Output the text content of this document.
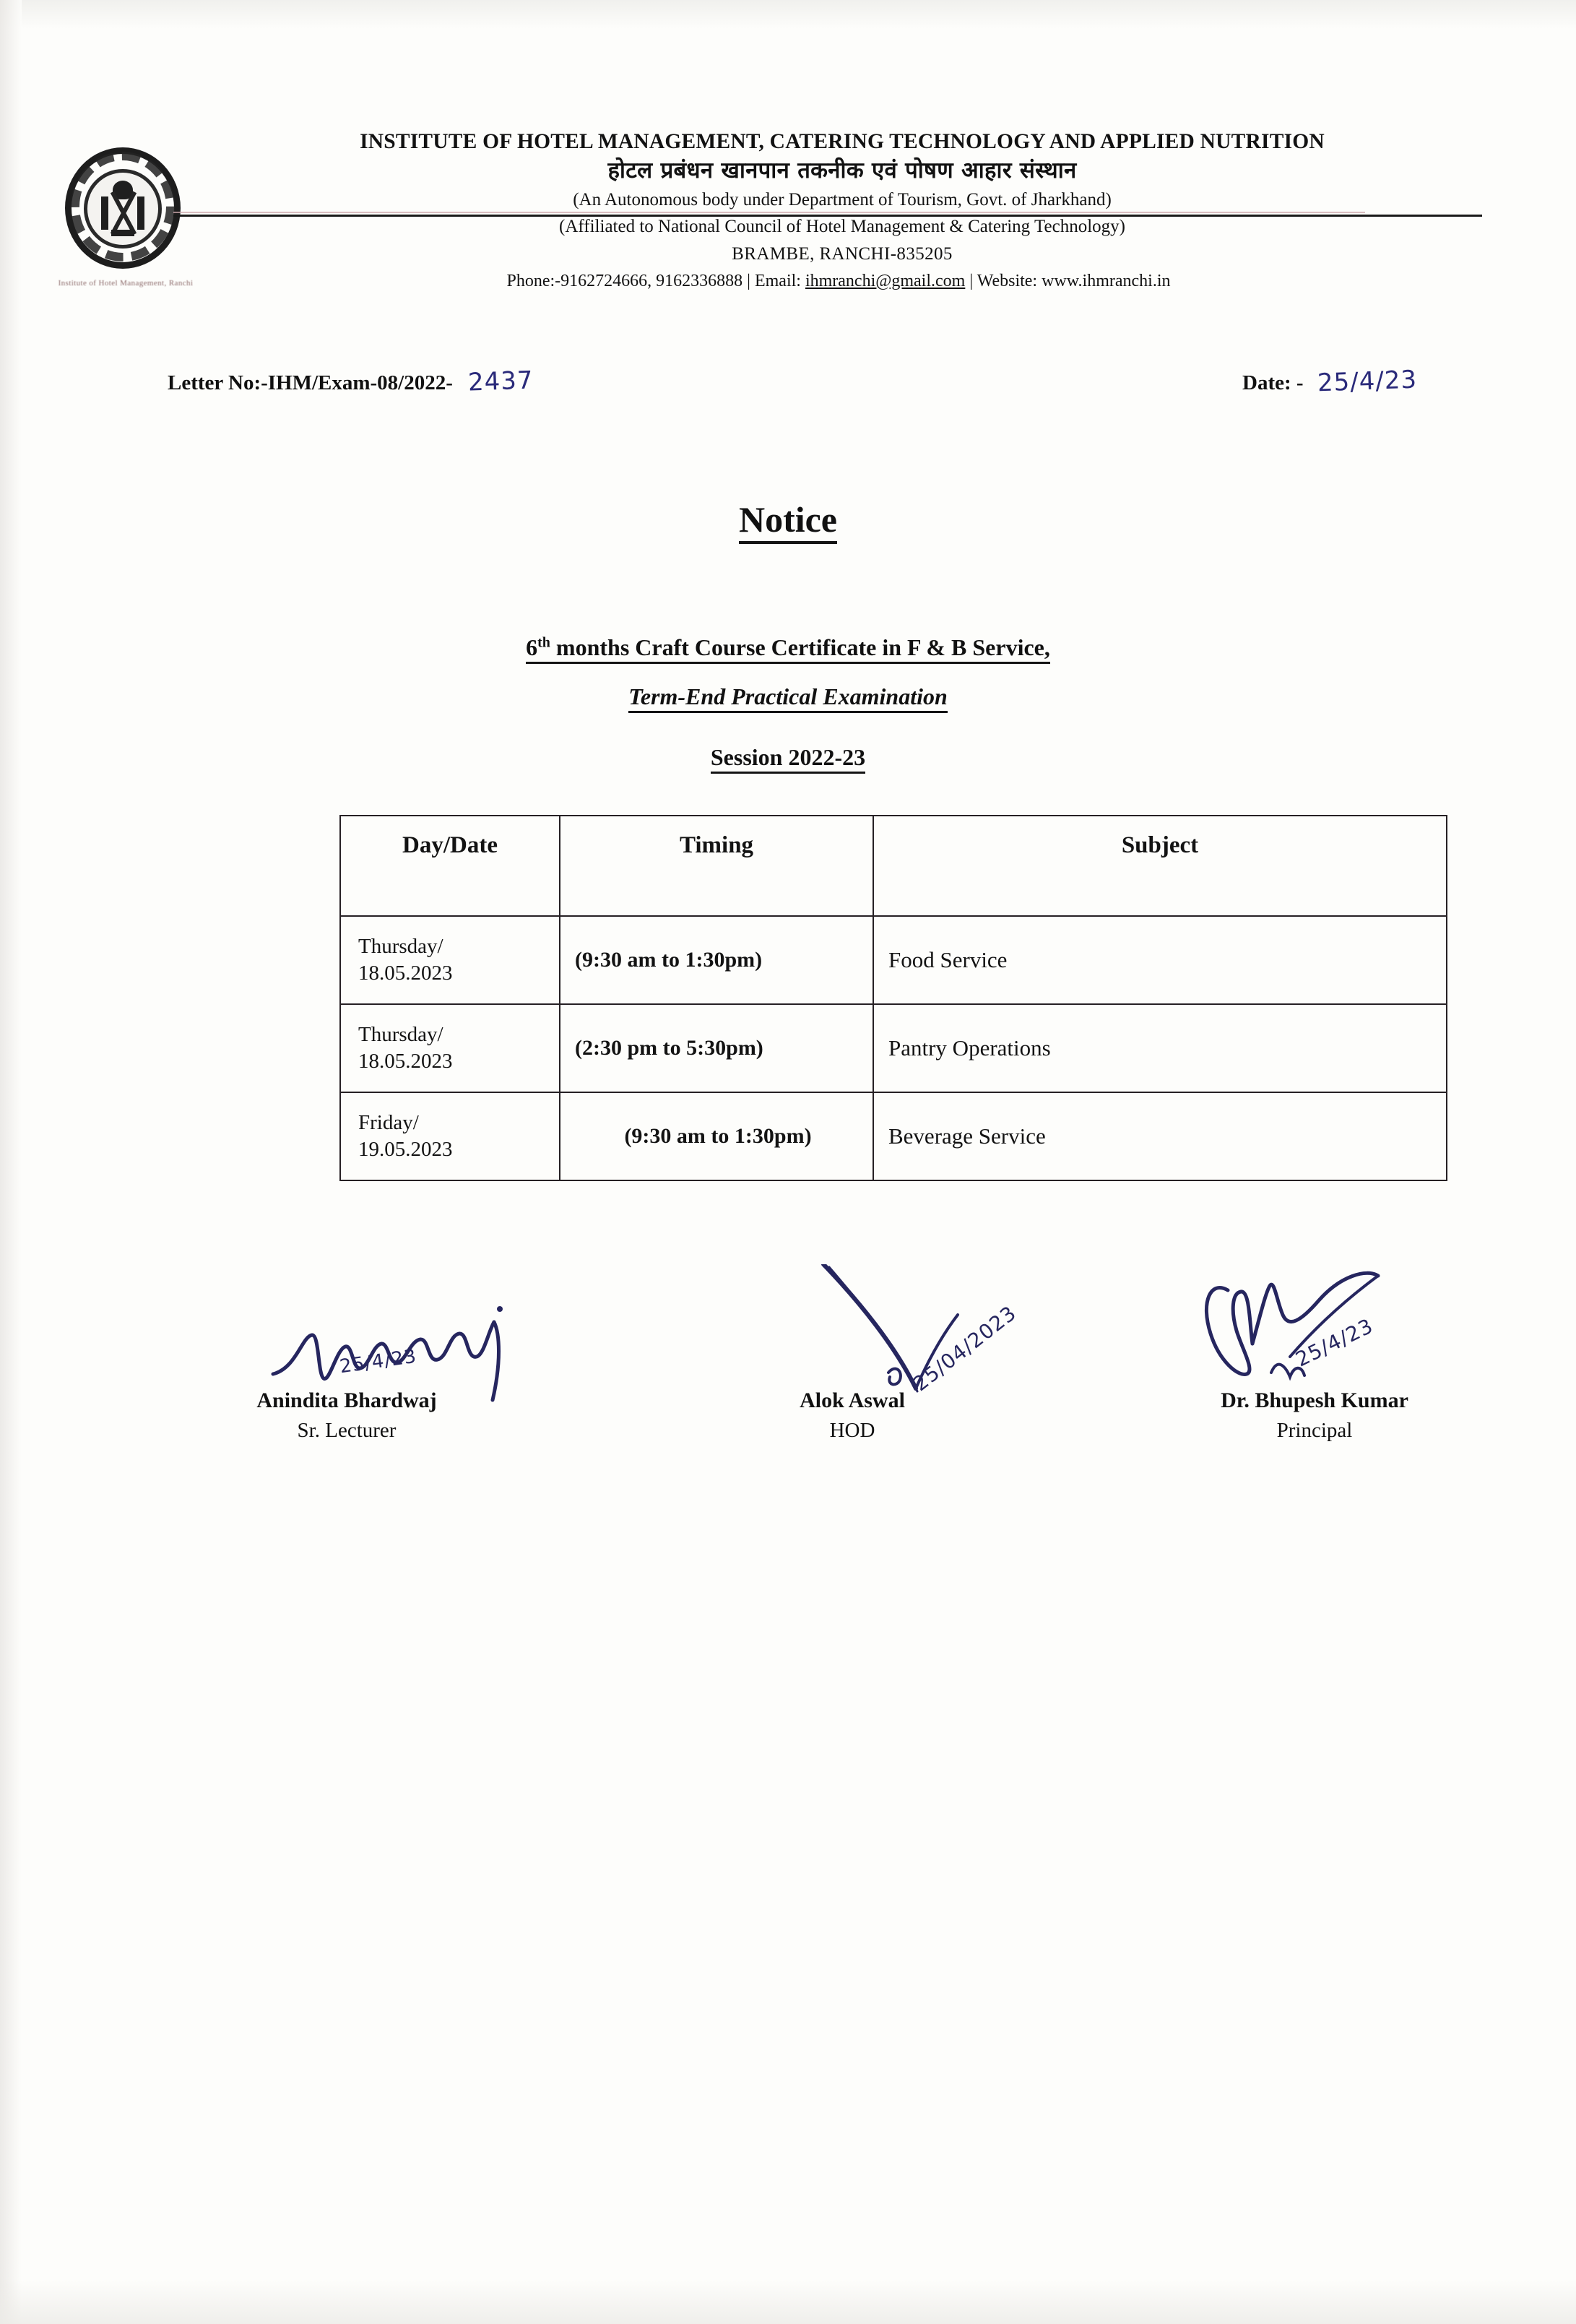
Institute of Hotel Management, Ranchi
INSTITUTE OF HOTEL MANAGEMENT, CATERING TECHNOLOGY AND APPLIED NUTRITION
होटल प्रबंधन खानपान तकनीक एवं पोषण आहार संस्थान
(An Autonomous body under Department of Tourism, Govt. of Jharkhand)
(Affiliated to National Council of Hotel Management & Catering Technology)
BRAMBE, RANCHI-835205
Phone:-9162724666, 9162336888 | Email: ihmranchi@gmail.com | Website: www.ihmranchi.in
Letter No:-IHM/Exam-08/2022- 2437	Date: - 25/4/23
Notice
6th months Craft Course Certificate in F & B Service,
Term-End Practical Examination
Session 2022-23
Day/Date	Timing	Subject
Thursday/
18.05.2023	(9:30 am to 1:30pm)	Food Service
Thursday/
18.05.2023	(2:30 pm to 5:30pm)	Pantry Operations
Friday/
19.05.2023	(9:30 am to 1:30pm)	Beverage Service
25/4/23
Anindita Bhardwaj
Sr. Lecturer
25/04/2023
Alok Aswal
HOD
25/4/23
Dr. Bhupesh Kumar
Principal
